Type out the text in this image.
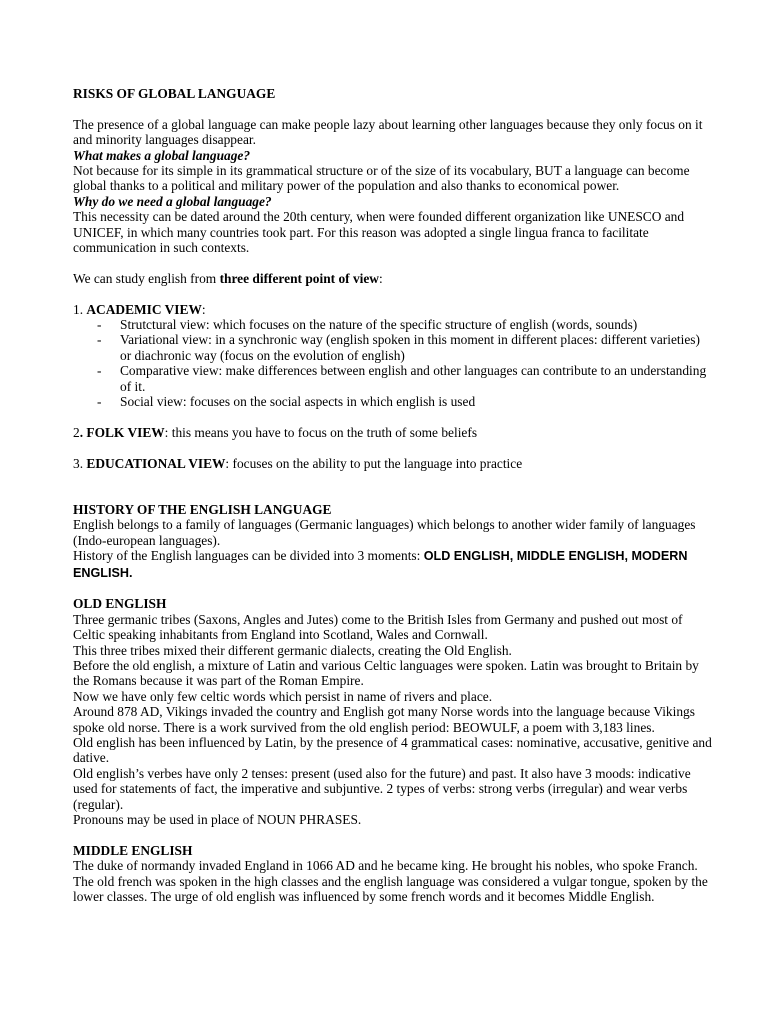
RISKS OF GLOBAL LANGUAGE

The presence of a global language can make people lazy about learning other languages because they only focus on it and minority languages disappear.

What makes a global language?

Not because for its simple in its grammatical structure or of the size of its vocabulary, BUT a language can become global thanks to a political and military power of the population and also thanks to economical power.

Why do we need a global language?

This necessity can be dated around the 20th century, when were founded different organization like UNESCO and UNICEF, in which many countries took part. For this reason was adopted a single lingua franca to facilitate communication in such contexts.

We can study english from three different point of view:

1. ACADEMIC VIEW:

- Strutctural view: which focuses on the nature of the specific structure of english (words, sounds)
- Variational view: in a synchronic way (english spoken in this moment in different places: different varieties) or diachronic way (focus on the evolution of english)
- Comparative view: make differences between english and other languages can contribute to an understanding of it.
- Social view: focuses on the social aspects in which english is used

2. FOLK VIEW: this means you have to focus on the truth of some beliefs

3. EDUCATIONAL VIEW: focuses on the ability to put the language into practice

HISTORY OF THE ENGLISH LANGUAGE

English belongs to a family of languages (Germanic languages) which belongs to another wider family of languages (Indo-european languages).

History of the English languages can be divided into 3 moments: OLD ENGLISH, MIDDLE ENGLISH, MODERN ENGLISH.

OLD ENGLISH

Three germanic tribes (Saxons, Angles and Jutes) come to the British Isles from Germany and pushed out most of Celtic speaking inhabitants from England into Scotland, Wales and Cornwall.

This three tribes mixed their different germanic dialects, creating the Old English.

Before the old english, a mixture of Latin and various Celtic languages were spoken. Latin was brought to Britain by the Romans because it was part of the Roman Empire.

Now we have only few celtic words which persist in name of rivers and place.

Around 878 AD, Vikings invaded the country and English got many Norse words into the language because Vikings spoke old norse. There is a work survived from the old english period: BEOWULF, a poem with 3,183 lines.

Old english has been influenced by Latin, by the presence of 4 grammatical cases: nominative, accusative, genitive and dative.

Old english’s verbes have only 2 tenses: present (used also for the future) and past. It also have 3 moods: indicative used for statements of fact, the imperative and subjuntive. 2 types of verbs: strong verbs (irregular) and wear verbs (regular).

Pronouns may be used in place of NOUN PHRASES.

MIDDLE ENGLISH

The duke of normandy invaded England in 1066 AD and he became king. He brought his nobles, who spoke Franch. The old french was spoken in the high classes and the english language was considered a vulgar tongue, spoken by the lower classes. The urge of old english was influenced by some french words and it becomes Middle English.
